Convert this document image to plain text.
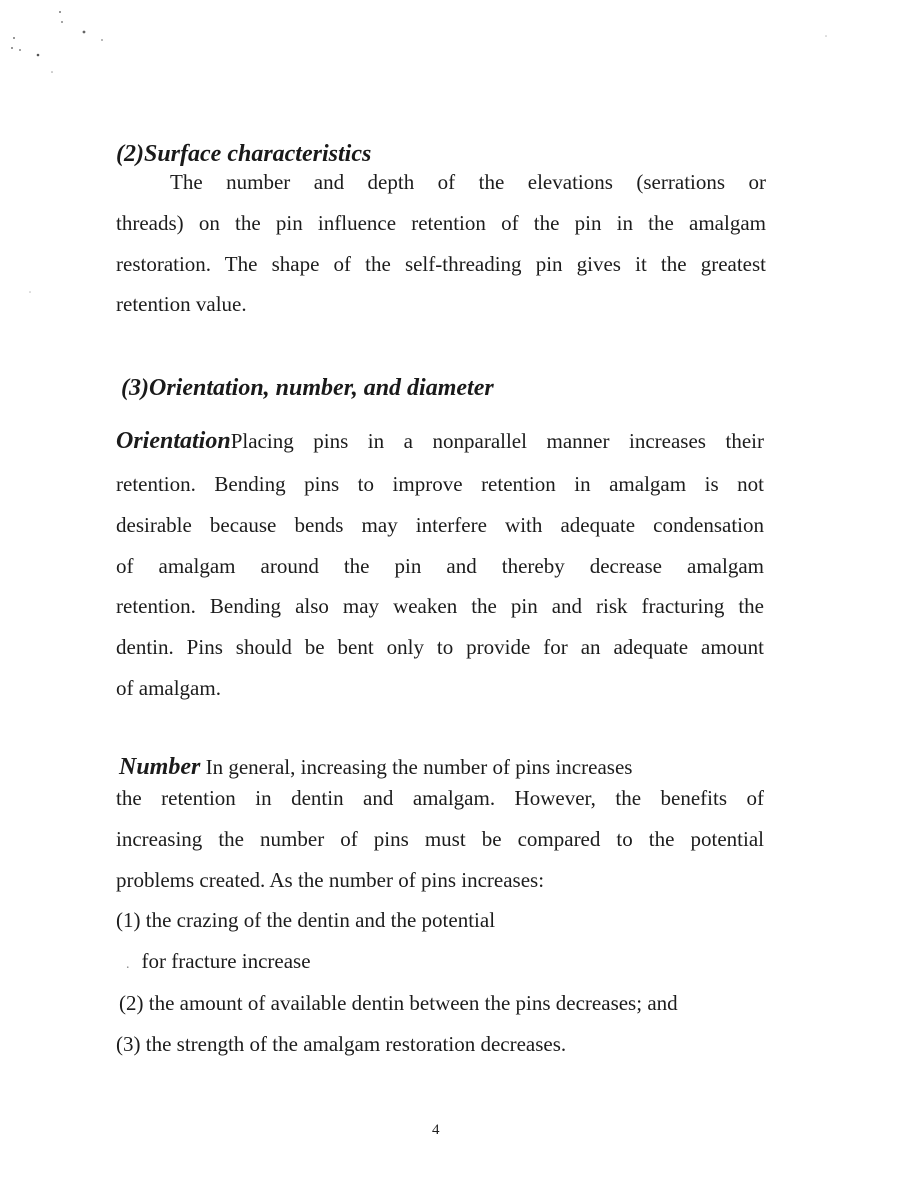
(2)Surface characteristics

The number and depth of the elevations (serrations or

threads) on the pin influence retention of the pin in the amalgam

restoration. The shape of the self-threading pin gives it the greatest

retention value.

(3)Orientation, number, and diameter

OrientationPlacing pins in a nonparallel manner increases their

retention. Bending pins to improve retention in amalgam is not

desirable because bends may interfere with adequate condensation

of amalgam around the pin and thereby decrease amalgam

retention. Bending also may weaken the pin and risk fracturing the

dentin. Pins should be bent only to provide for an adequate amount

of amalgam.

Number In general, increasing the number of pins increases

the retention in dentin and amalgam. However, the benefits of

increasing the number of pins must be compared to the potential

problems created. As the number of pins increases:

(1) the crazing of the dentin and the potential

. for fracture increase

(2) the amount of available dentin between the pins decreases; and

(3) the strength of the amalgam restoration decreases.

4
